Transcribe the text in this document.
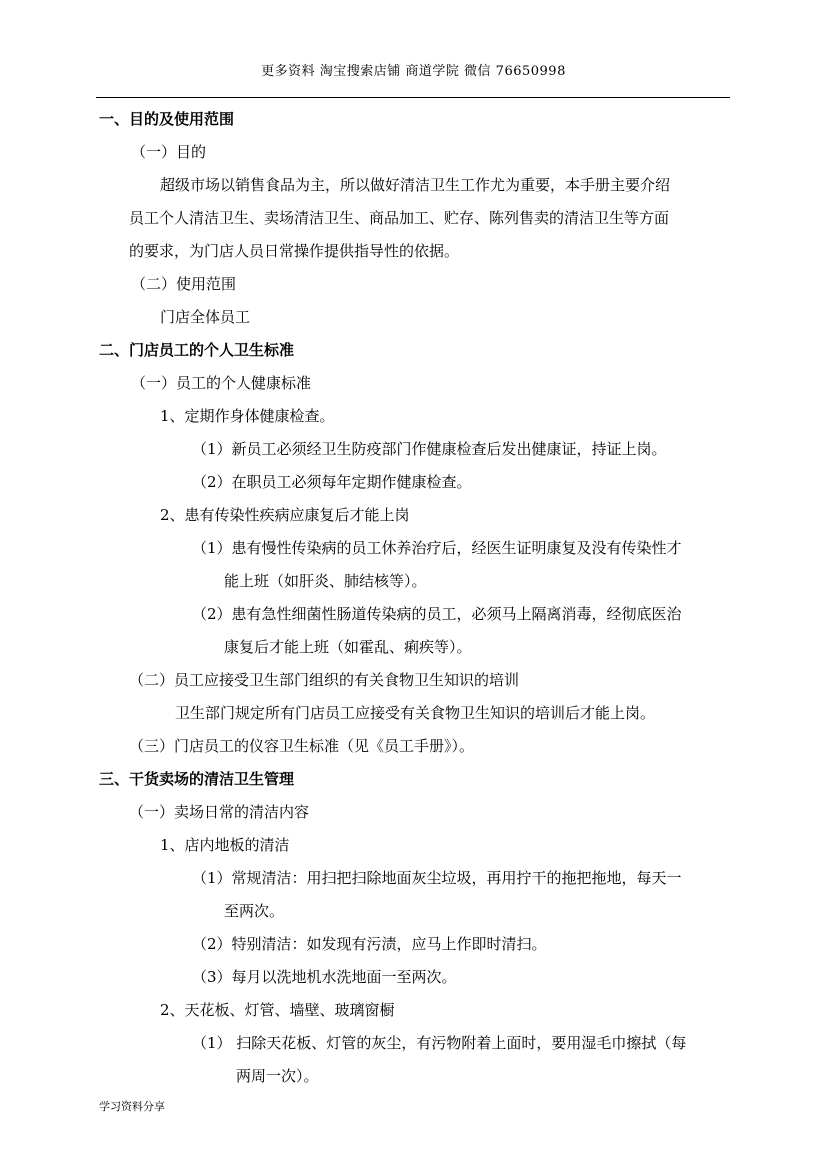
更多资料 淘宝搜索店铺 商道学院 微信 76650998
一、目的及使用范围
（一）目的
超级市场以销售食品为主，所以做好清洁卫生工作尤为重要，本手册主要介绍
员工个人清洁卫生、卖场清洁卫生、商品加工、贮存、陈列售卖的清洁卫生等方面
的要求，为门店人员日常操作提供指导性的依据。
（二）使用范围
门店全体员工
二、门店员工的个人卫生标准
（一）员工的个人健康标准
1、定期作身体健康检查。
（1）新员工必须经卫生防疫部门作健康检查后发出健康证，持证上岗。
（2）在职员工必须每年定期作健康检查。
2、患有传染性疾病应康复后才能上岗
（1）患有慢性传染病的员工休养治疗后，经医生证明康复及没有传染性才
能上班（如肝炎、肺结核等）。
（2）患有急性细菌性肠道传染病的员工，必须马上隔离消毒，经彻底医治
康复后才能上班（如霍乱、痢疾等）。
（二）员工应接受卫生部门组织的有关食物卫生知识的培训
卫生部门规定所有门店员工应接受有关食物卫生知识的培训后才能上岗。
（三）门店员工的仪容卫生标准（见《员工手册》）。
三、干货卖场的清洁卫生管理
（一）卖场日常的清洁内容
1、店内地板的清洁
（1）常规清洁：用扫把扫除地面灰尘垃圾，再用拧干的拖把拖地，每天一
至两次。
（2）特别清洁：如发现有污渍，应马上作即时清扫。
（3）每月以洗地机水洗地面一至两次。
2、天花板、灯管、墙壁、玻璃窗橱
（1） 扫除天花板、灯管的灰尘，有污物附着上面时，要用湿毛巾擦拭（每
两周一次）。
学习资料分享
